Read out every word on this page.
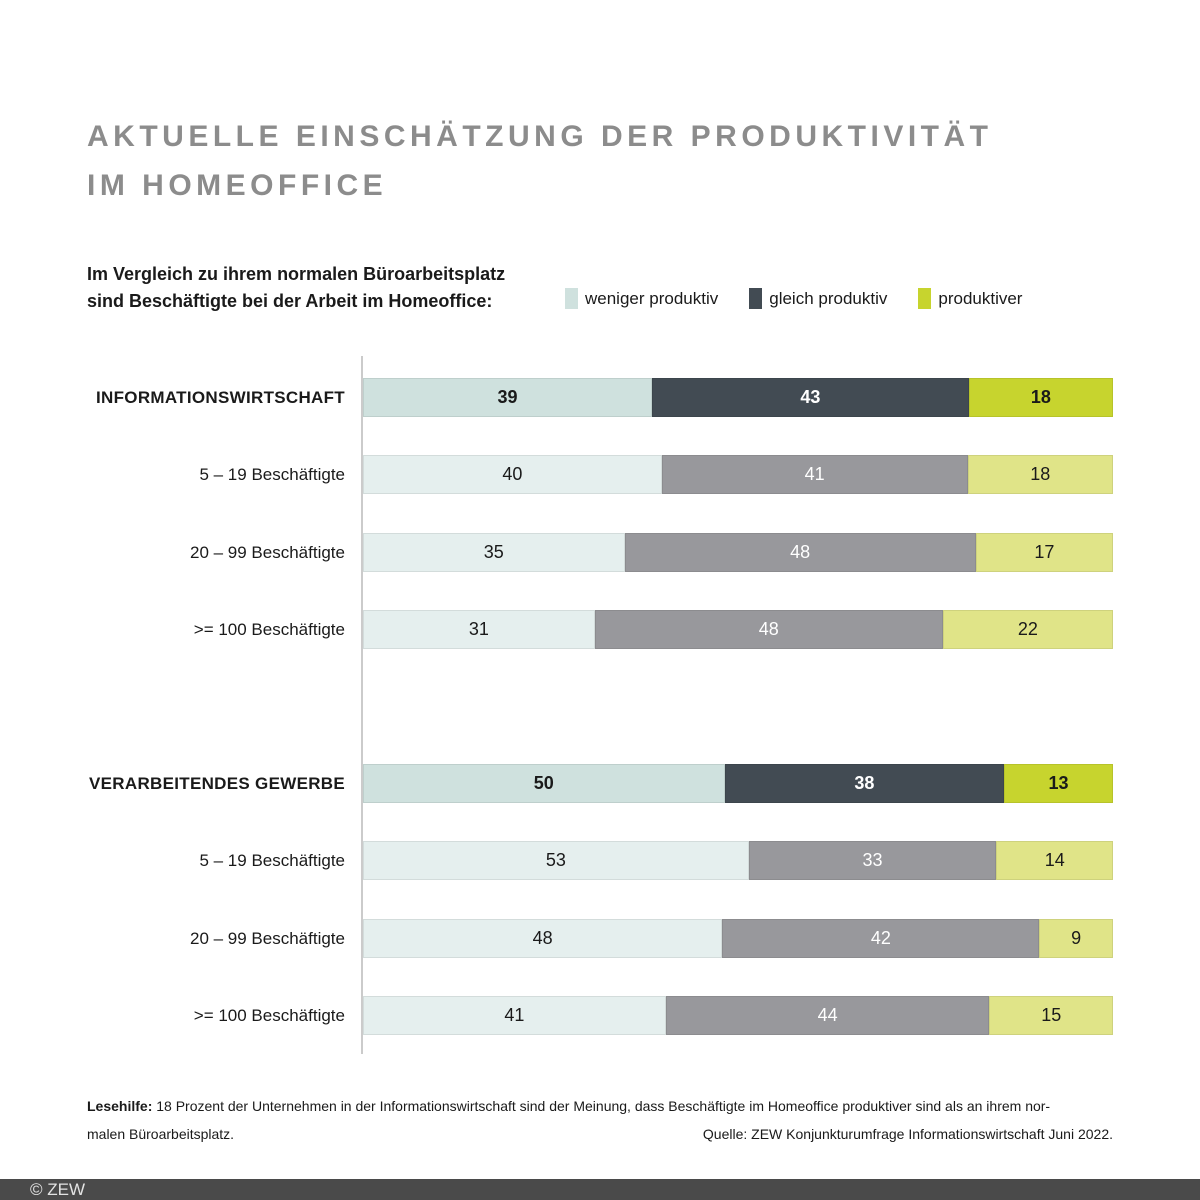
AKTUELLE EINSCHÄTZUNG DER PRODUKTIVITÄT
IM HOMEOFFICE
Im Vergleich zu ihrem normalen Büroarbeitsplatz
sind Beschäftigte bei der Arbeit im Homeoffice:	weniger produktiv	gleich produktiv	produktiver
INFORMATIONSWIRTSCHAFT	39	43	18
5 – 19 Beschäftigte	40	41	18
20 – 99 Beschäftigte	35	48	17
>= 100 Beschäftigte	31	48	22
VERARBEITENDES GEWERBE	50	38	13
5 – 19 Beschäftigte	53	33	14
20 – 99 Beschäftigte	48	42	9
>= 100 Beschäftigte	41	44	15
Lesehilfe: 18 Prozent der Unternehmen in der Informationswirtschaft sind der Meinung, dass Beschäftigte im Homeoffice produktiver sind als an ihrem nor-
malen Büroarbeitsplatz.	Quelle: ZEW Konjunkturumfrage Informationswirtschaft Juni 2022.
© ZEW
